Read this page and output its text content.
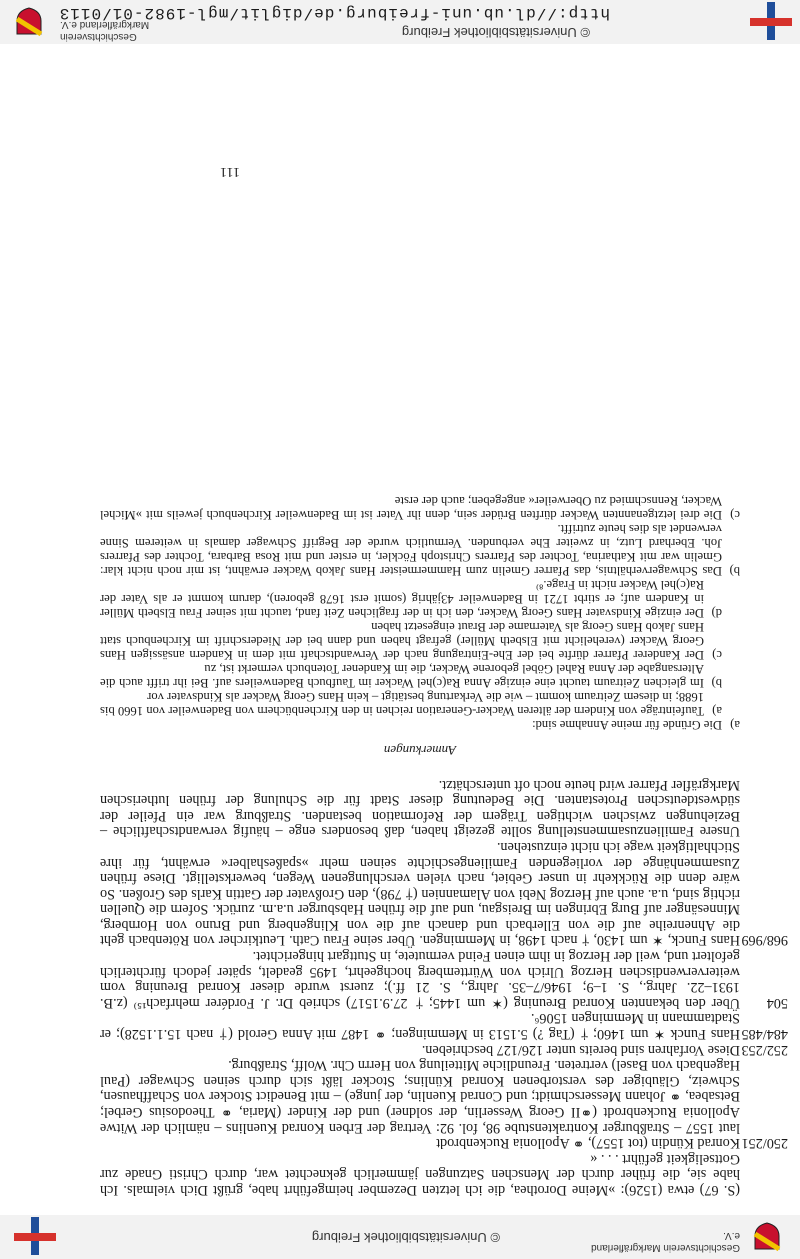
Geschichtsverein Markgräflerland e.V.
© Universitätsbibliothek Freiburg

(S. 67) etwa (1526): »Meine Dorothea, die ich letzten Dezember heimgeführt habe, grüßt Dich vielmals. Ich habe sie, die früher durch der Menschen Satzungen jämmerlich geknechtet war, durch Christi Gnade zur Gottseligkeit geführt . . . «

250/251

Konrad Kündin (tot 1557), ⚭ Apollonia Ruckenbrodt

laut 1557 – Straßburger Kontraktenstube 98, fol. 92: Vertrag der Erben Konrad Kuenlins – nämlich der Witwe Apollonia Ruckenbrodt (⚭II Georg Wesserlin, der soldner) und der Kinder (Maria, ⚭ Theodosius Gerbel; Betsabea, ⚭ Johann Messerschmidt; und Conrad Kuenlin, der junge) – mit Benedict Stocker von Schaffhausen, Schweiz, Gläubiger des verstorbenen Konrad Künlins; Stocker läßt sich durch seinen Schwager (Paul Hagenbach von Basel) vertreten. Freundliche Mitteilung von Herrn Chr. Wolff, Straßburg.

252/253

Diese Vorfahren sind bereits unter 126/127 beschrieben.

484/485

Hans Funck ✶ um 1460; † (Tag ?) 5.1513 in Memmingen; ⚭ 1487 mit Anna Gerold († nach 15.1.1528); er Stadtammann in Memmingen 1506⁶.

504

Über den bekannten Konrad Breuning (✶ um 1445; † 27.9.1517) schrieb Dr. J. Fordérer mehrfach¹⁵⁾ (z.B. 1931–22. Jahrg., S. 1–9; 1946/7–35. Jahrg., S. 21 ff.); zuerst wurde dieser Konrad Breuning vom weiterverwendischen Herzog Ulrich von Württemberg hochgeehrt, 1495 geadelt, später jedoch fürchterlich gefoltert und, weil der Herzog in ihm einen Feind vermutete, in Stuttgart hingerichtet.

968/969

Hans Funck, ✶ um 1430, † nach 1498, in Memmingen. Über seine Frau Cath. Leutkircher von Rötenbach geht die Ahnenreihe auf die von Ellerbach und danach auf die von Klingenberg und Bruno von Hornberg, Minnesänger auf Burg Ebringen im Breisgau, und auf die frühen Habsburger u.a.m. zurück. Sofern die Quellen richtig sind, u.a. auch auf Herzog Nebi von Alamannien († 798), den Großvater der Gattin Karls des Großen. So wäre denn die Rückkehr in unser Gebiet, nach vielen verschlungenen Wegen, bewerkstelligt. Diese frühen Zusammenhänge der vorliegenden Familiengeschichte seinen mehr »spaßeshalber« erwähnt, für ihre Stichhaltigkeit wage ich nicht einzustehen.

Unsere Familienzusammenstellung sollte gezeigt haben, daß besonders enge – häufig verwandtschaftliche – Beziehungen zwischen wichtigen Trägern der Reformation bestanden. Straßburg war ein Pfeiler der südwestdeutschen Protestanten. Die Bedeutung dieser Stadt für die Schulung der frühen lutherischen Markgräfler Pfarrer wird heute noch oft unterschätzt.

Anmerkungen
a)
Die Gründe für meine Annahme sind:
a)
Taufeinträge von Kindern der älteren Wacker-Generation reichen in den Kirchenbüchern von Badenweiler von 1660 bis 1688; in diesem Zeitraum kommt – wie die Verkartung bestätigt – kein Hans Georg Wacker als Kindsvater vor
b)
Im gleichen Zeitraum taucht eine einzige Anna Ra(c)hel Wacker im Taufbuch Badenweilers auf. Bei ihr trifft auch die Altersangabe der Anna Rahel Göbel geborene Wacker, die im Kandener Totenbuch vermerkt ist, zu
c)
Der Kanderer Pfarrer dürfte bei der Ehe-Eintragung nach der Verwandtschaft mit dem in Kandern ansässigen Hans Georg Wacker (verehelicht mit Elsbeth Müller) gefragt haben und dann bei der Niederschrift im Kirchenbuch statt Hans Jakob Hans Georg als Vatername der Braut eingesetzt haben
d)
Der einzige Kindsvater Hans Georg Wacker, den ich in der fraglichen Zeit fand, taucht mit seiner Frau Elsbeth Müller in Kandern auf; er stirbt 1721 in Badenweiler 43jährig (somit erst 1678 geboren), darum kommt er als Vater der Ra(c)hel Wacker nicht in Frage.⁸⁾
b)
Das Schwagerverhältnis, das Pfarrer Gmelin zum Hammermeister Hans Jakob Wacker erwähnt, ist mir noch nicht klar: Gmelin war mit Katharina, Tochter des Pfarrers Christoph Föckler, in erster und mit Rosa Barbara, Tochter des Pfarrers Joh. Eberhard Lutz, in zweiter Ehe verbunden. Vermutlich wurde der Begriff Schwager damals in weiterem Sinne verwendet als dies heute zutrifft.
c)
Die drei letztgenannten Wacker dürften Brüder sein, denn ihr Vater ist im Badenweiler Kirchenbuch jeweils mit »Michel Wacker, Rennschmied zu Oberweiler« angegeben; auch der erste
111
© Universitätsbibliothek Freiburg
http://dl.ub.uni-freiburg.de/diglit/mgl-1982-01/0113
Geschichtsverein Markgräflerland e.V.
